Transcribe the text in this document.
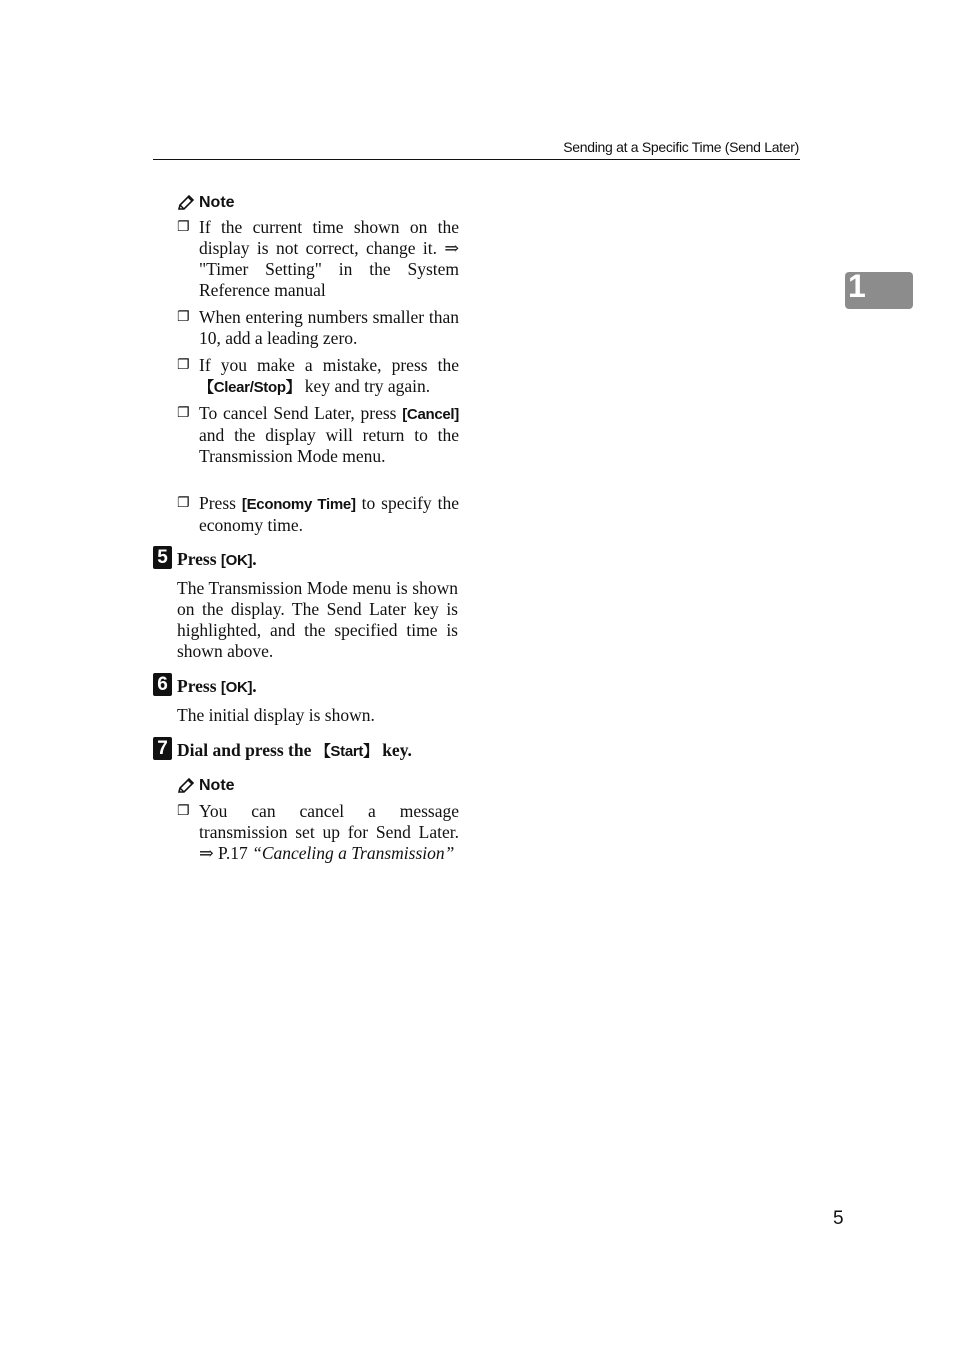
Sending at a Specific Time (Send Later)
1
Note
❐ If the current time shown on the display is not correct, change it. ⇒ "Timer Setting" in the System Reference manual
❐ When entering numbers smaller than 10, add a leading zero.
❐ If you make a mistake, press the 【Clear/Stop】 key and try again.
❐ To cancel Send Later, press [Cancel] and the display will return to the Transmission Mode menu.
❐ Press [Economy Time] to specify the economy time.
5 Press [OK].
The Transmission Mode menu is shown on the display. The Send Later key is highlighted, and the specified time is shown above.
6 Press [OK].
The initial display is shown.
7 Dial and press the 【Start】 key.
Note
❐ You can cancel a message transmission set up for Send Later. ⇒ P.17 “Canceling a Transmission”
5
